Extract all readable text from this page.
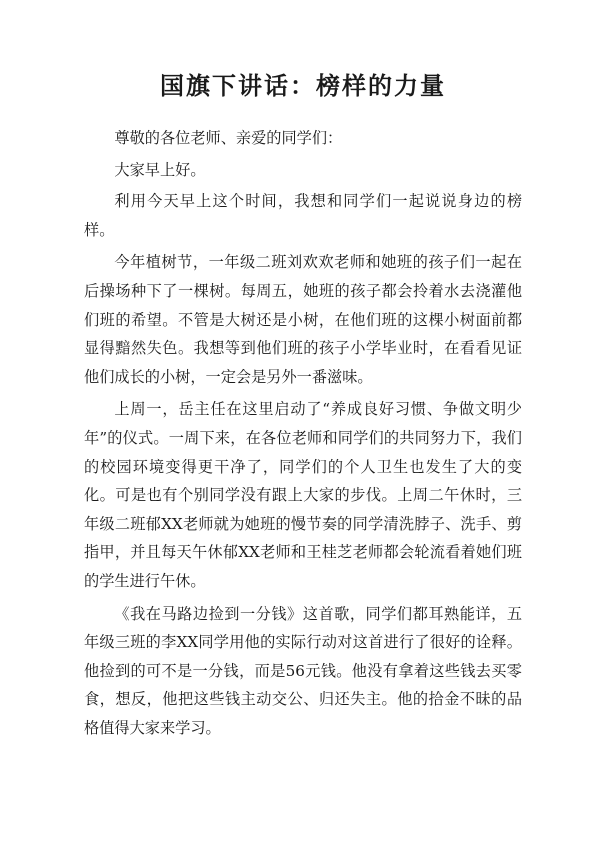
国旗下讲话：榜样的力量

尊敬的各位老师、亲爱的同学们：

大家早上好。

利用今天早上这个时间，我想和同学们一起说说身边的榜样。

今年植树节，一年级二班刘欢欢老师和她班的孩子们一起在后操场种下了一棵树。每周五，她班的孩子都会拎着水去浇灌他们班的希望。不管是大树还是小树，在他们班的这棵小树面前都显得黯然失色。我想等到他们班的孩子小学毕业时，在看看见证他们成长的小树，一定会是另外一番滋味。

上周一，岳主任在这里启动了“养成良好习惯、争做文明少年”的仪式。一周下来，在各位老师和同学们的共同努力下，我们的校园环境变得更干净了，同学们的个人卫生也发生了大的变化。可是也有个别同学没有跟上大家的步伐。上周二午休时，三年级二班郁XX老师就为她班的慢节奏的同学清洗脖子、洗手、剪指甲，并且每天午休郁XX老师和王桂芝老师都会轮流看着她们班的学生进行午休。

《我在马路边捡到一分钱》这首歌，同学们都耳熟能详，五年级三班的李XX同学用他的实际行动对这首进行了很好的诠释。他捡到的可不是一分钱，而是56元钱。他没有拿着这些钱去买零食，想反，他把这些钱主动交公、归还失主。他的拾金不昧的品格值得大家来学习。
